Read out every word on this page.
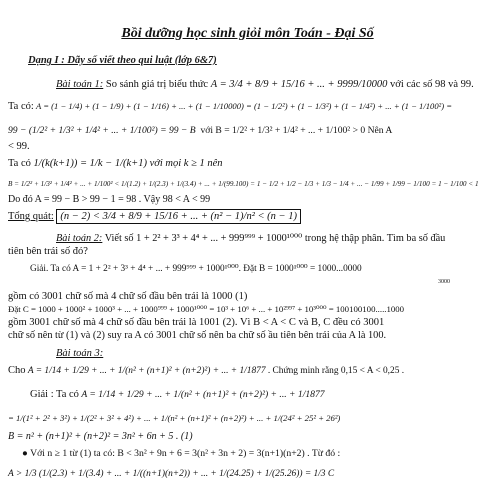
Bồi dưỡng học sinh giỏi môn Toán - Đại Số
Dạng I : Dãy số viết theo qui luật (lớp 6&7)
Bài toán 1: So sánh giá trị biểu thức A = 3/4 + 8/9 + 15/16 + ... + 9999/10000 với các số 98 và 99.
Ta có: A = (1 − 1/4) + (1 − 1/9) + (1 − 1/16) + ... + (1 − 1/10000) = (1 − 1/2²) + (1 − 1/3²) + (1 − 1/4²) + ... + (1 − 1/100²) =
99 − (1/2² + 1/3² + 1/4² + ... + 1/100²) = 99 − B với B = 1/2² + 1/3² + 1/4² + ... + 1/100² > 0 Nên A
< 99.
Ta có 1/(k(k+1)) = 1/k − 1/(k+1) với mọi k ≥ 1 nên
B = 1/2² + 1/3² + 1/4² + ... + 1/100² < 1/(1.2) + 1/(2.3) + 1/(3.4) + ... + 1/(99.100) = 1 − 1/2 + 1/2 − 1/3 + 1/3 − 1/4 + ... − 1/99 + 1/99 − 1/100 = 1 − 1/100 < 1
Do đó A = 99 − B > 99 − 1 = 98 . Vậy 98 < A < 99
Tổng quát: (n − 2) < 3/4 + 8/9 + 15/16 + ... + (n² − 1)/n² < (n − 1)
Bài toán 2: Viết số 1 + 2² + 3³ + 4⁴ + ... + 999⁹⁹⁹ + 1000¹⁰⁰⁰ trong hệ thập phân. Tìm ba số đầu
tiên bên trái số đó?
Giải. Ta có A = 1 + 2² + 3³ + 4⁴ + ... + 999⁹⁹⁹ + 1000¹⁰⁰⁰. Đặt B = 1000¹⁰⁰⁰ = 1000...0000
3000
gồm có 3001 chữ số mà 4 chữ số đầu bên trái là 1000 (1)
Đặt C = 1000 + 1000² + 1000³ + ... + 1000⁹⁹⁹ + 1000¹⁰⁰⁰ = 10³ + 10⁶ + ... + 10²⁹⁹⁷ + 10³⁰⁰⁰ = 100100100.....1000
gồm 3001 chữ số mà 4 chữ số đầu bên trái là 1001 (2). Vì B < A < C và B, C đều có 3001
chữ số nên từ (1) và (2) suy ra A có 3001 chữ số nên ba chữ số ầu tiên bên trái của A là 100.
Bài toán 3:
Cho A = 1/14 + 1/29 + ... + 1/(n² + (n+1)² + (n+2)²) + ... + 1/1877 . Chứng minh rằng 0,15 < A < 0,25 .
Giải : Ta có A = 1/14 + 1/29 + ... + 1/(n² + (n+1)² + (n+2)²) + ... + 1/1877
= 1/(1² + 2² + 3²) + 1/(2² + 3² + 4²) + ... + 1/(n² + (n+1)² + (n+2)²) + ... + 1/(24² + 25² + 26²)
B = n² + (n+1)² + (n+2)² = 3n² + 6n + 5 . (1)
● Với n ≥ 1 từ (1) ta có: B < 3n² + 9n + 6 = 3(n² + 3n + 2) = 3(n+1)(n+2) . Từ đó :
A > 1/3 (1/(2.3) + 1/(3.4) + ... + 1/((n+1)(n+2)) + ... + 1/(24.25) + 1/(25.26)) = 1/3 C
